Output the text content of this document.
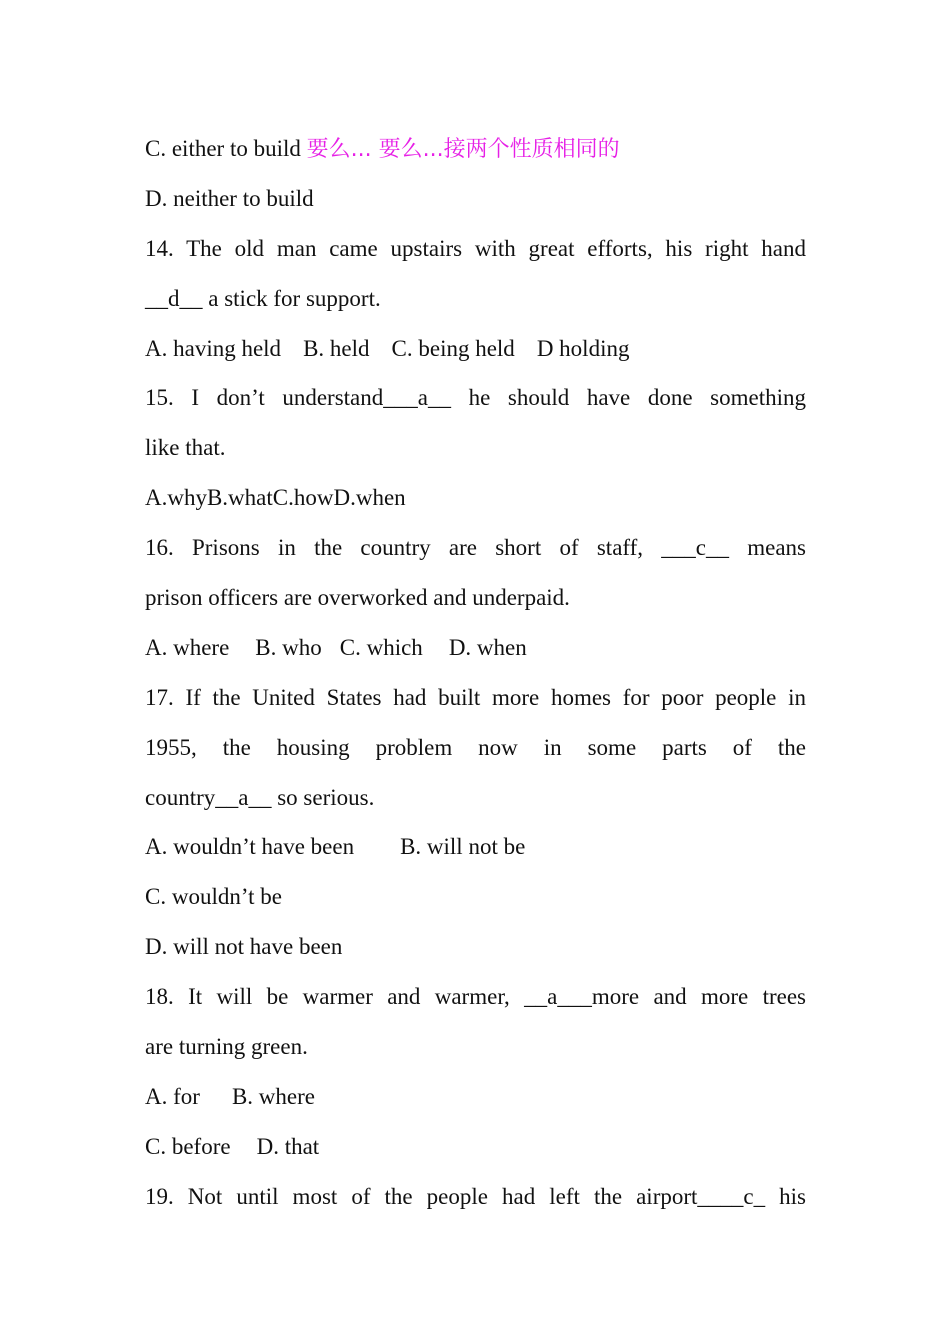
C. either to build 要么... 要么...接两个性质相同的
D. neither to build
14. The old man came upstairs with great efforts, his right hand
__d__ a stick for support.
A. having held B. held C. being held D holding
15. I don’t understand___a__ he should have done something
like that.
A.whyB.whatC.howD.when
16. Prisons in the country are short of staff, ___c__ means
prison officers are overworked and underpaid.
A. where B. who C. which D. when
17. If the United States had built more homes for poor people in
1955, the housing problem now in some parts of the
country__a__ so serious.
A. wouldn’t have been B. will not be
C. wouldn’t be
D. will not have been
18. It will be warmer and warmer, __a___more and more trees
are turning green.
A. for B. where
C. before D. that
19. Not until most of the people had left the airport____c_ his
